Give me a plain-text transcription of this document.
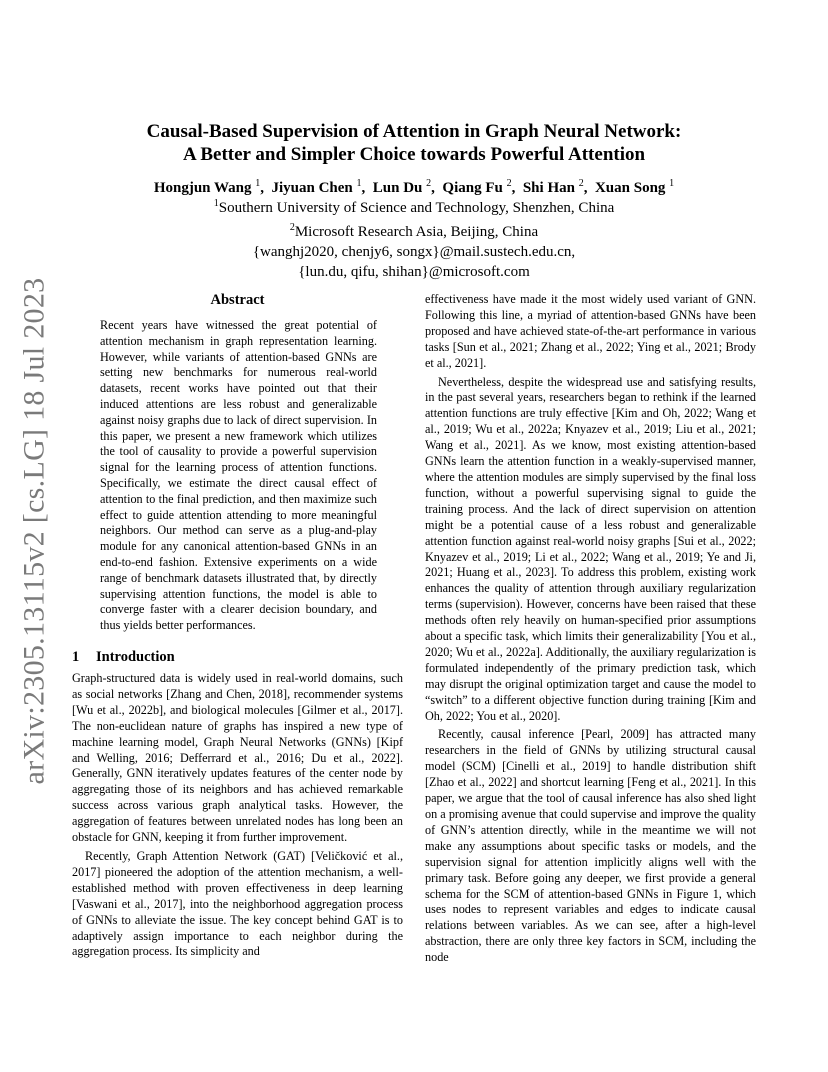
arXiv:2305.13115v2 [cs.LG] 18 Jul 2023
Causal-Based Supervision of Attention in Graph Neural Network:
A Better and Simpler Choice towards Powerful Attention
Hongjun Wang $^1$,  Jiyuan Chen $^1$,  Lun Du $^2$,  Qiang Fu $^2$,  Shi Han $^2$,  Xuan Song $^1$
$^1$Southern University of Science and Technology, Shenzhen, China
$^2$Microsoft Research Asia, Beijing, China
{wanghj2020, chenjy6, songx}@mail.sustech.edu.cn,
{lun.du, qifu, shihan}@microsoft.com
Abstract

Recent years have witnessed the great potential of attention mechanism in graph representation learning. However, while variants of attention-based GNNs are setting new benchmarks for numerous real-world datasets, recent works have pointed out that their induced attentions are less robust and generalizable against noisy graphs due to lack of direct supervision. In this paper, we present a new framework which utilizes the tool of causality to provide a powerful supervision signal for the learning process of attention functions. Specifically, we estimate the direct causal effect of attention to the final prediction, and then maximize such effect to guide attention attending to more meaningful neighbors. Our method can serve as a plug-and-play module for any canonical attention-based GNNs in an end-to-end fashion. Extensive experiments on a wide range of benchmark datasets illustrated that, by directly supervising attention functions, the model is able to converge faster with a clearer decision boundary, and thus yields better performances.

1 Introduction

Graph-structured data is widely used in real-world domains, such as social networks [Zhang and Chen, 2018], recommender systems [Wu et al., 2022b], and biological molecules [Gilmer et al., 2017]. The non-euclidean nature of graphs has inspired a new type of machine learning model, Graph Neural Networks (GNNs) [Kipf and Welling, 2016; Defferrard et al., 2016; Du et al., 2022]. Generally, GNN iteratively updates features of the center node by aggregating those of its neighbors and has achieved remarkable success across various graph analytical tasks. However, the aggregation of features between unrelated nodes has long been an obstacle for GNN, keeping it from further improvement.

Recently, Graph Attention Network (GAT) [Veličković et al., 2017] pioneered the adoption of the attention mechanism, a well-established method with proven effectiveness in deep learning [Vaswani et al., 2017], into the neighborhood aggregation process of GNNs to alleviate the issue. The key concept behind GAT is to adaptively assign importance to each neighbor during the aggregation process. Its simplicity and

effectiveness have made it the most widely used variant of GNN. Following this line, a myriad of attention-based GNNs have been proposed and have achieved state-of-the-art performance in various tasks [Sun et al., 2021; Zhang et al., 2022; Ying et al., 2021; Brody et al., 2021].

Nevertheless, despite the widespread use and satisfying results, in the past several years, researchers began to rethink if the learned attention functions are truly effective [Kim and Oh, 2022; Wang et al., 2019; Wu et al., 2022a; Knyazev et al., 2019; Liu et al., 2021; Wang et al., 2021]. As we know, most existing attention-based GNNs learn the attention function in a weakly-supervised manner, where the attention modules are simply supervised by the final loss function, without a powerful supervising signal to guide the training process. And the lack of direct supervision on attention might be a potential cause of a less robust and generalizable attention function against real-world noisy graphs [Sui et al., 2022; Knyazev et al., 2019; Li et al., 2022; Wang et al., 2019; Ye and Ji, 2021; Huang et al., 2023]. To address this problem, existing work enhances the quality of attention through auxiliary regularization terms (supervision). However, concerns have been raised that these methods often rely heavily on human-specified prior assumptions about a specific task, which limits their generalizability [You et al., 2020; Wu et al., 2022a]. Additionally, the auxiliary regularization is formulated independently of the primary prediction task, which may disrupt the original optimization target and cause the model to “switch” to a different objective function during training [Kim and Oh, 2022; You et al., 2020].

Recently, causal inference [Pearl, 2009] has attracted many researchers in the field of GNNs by utilizing structural causal model (SCM) [Cinelli et al., 2019] to handle distribution shift [Zhao et al., 2022] and shortcut learning [Feng et al., 2021]. In this paper, we argue that the tool of causal inference has also shed light on a promising avenue that could supervise and improve the quality of GNN’s attention directly, while in the meantime we will not make any assumptions about specific tasks or models, and the supervision signal for attention implicitly aligns well with the primary task. Before going any deeper, we first provide a general schema for the SCM of attention-based GNNs in Figure 1, which uses nodes to represent variables and edges to indicate causal relations between variables. As we can see, after a high-level abstraction, there are only three key factors in SCM, including the node
